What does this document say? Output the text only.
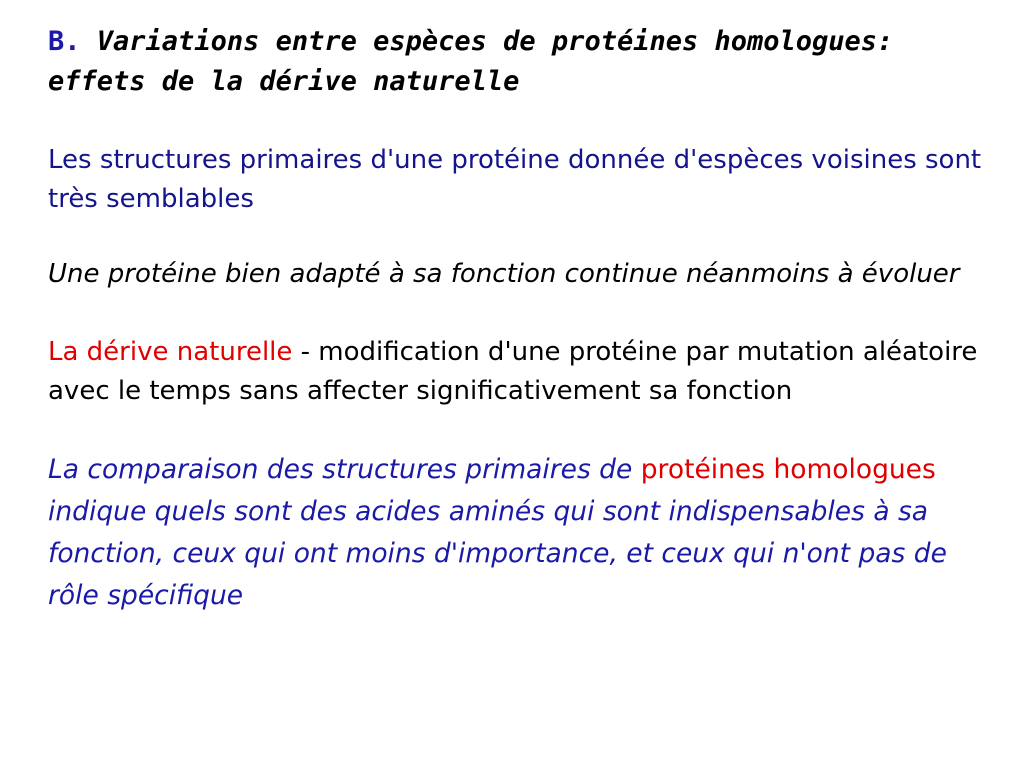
B. Variations entre espèces de protéines homologues: effets de la dérive naturelle

Les structures primaires d'une protéine donnée d'espèces voisines sont très semblables

Une protéine bien adapté à sa fonction continue néanmoins à évoluer

La dérive naturelle - modification d'une protéine par mutation aléatoire avec le temps sans affecter significativement sa fonction

La comparaison des structures primaires de protéines homologues indique quels sont des acides aminés qui sont indispensables à sa fonction, ceux qui ont moins d'importance, et ceux qui n'ont pas de rôle spécifique
